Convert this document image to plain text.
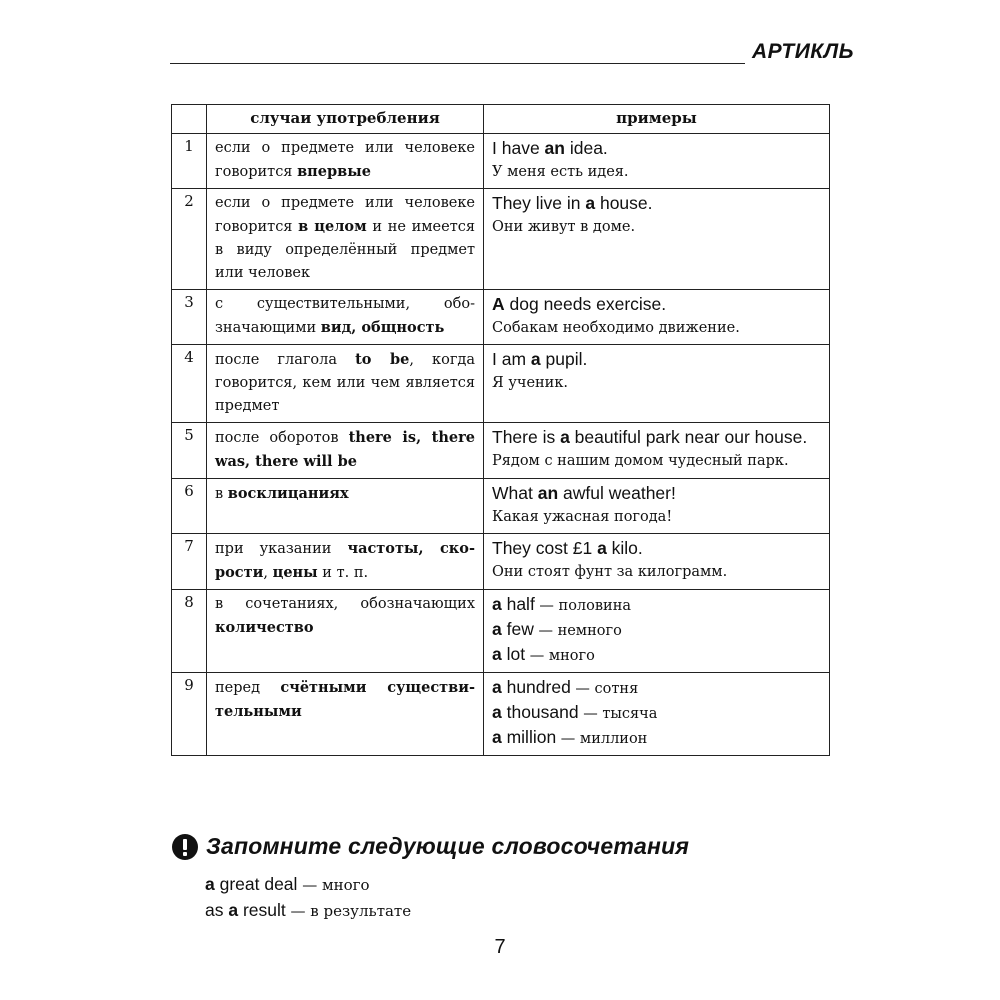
АРТИКЛЬ
	случаи употребления	примеры
1	если о предмете или человеке говорится впервые	I have an idea.
У меня есть идея.

2	если о предмете или человеке говорится в целом и не имеется в виду определённый предмет или человек	They live in a house.
Они живут в доме.

3	с существительными, обозначающими вид, общность	A dog needs exercise.
Собакам необходимо движение.

4	после глагола to be, когда говорится, кем или чем является предмет	I am a pupil.
Я ученик.

5	после оборотов there is, there was, there will be	There is a beautiful park near our house.
Рядом с нашим домом чудесный парк.

6	в восклицаниях	What an awful weather!
Какая ужасная погода!

7	при указании частоты, скорости, цены и т. п.	They cost £1 a kilo.
Они стоят фунт за килограмм.

8	в сочетаниях, обозначающих количество	a half — половина
a few — немного
a lot — много

9	перед счётными существительными	a hundred — сотня
a thousand — тысяча
a million — миллион
Запомните следующие словосочетания
a great deal — много
as a result — в результате
7
